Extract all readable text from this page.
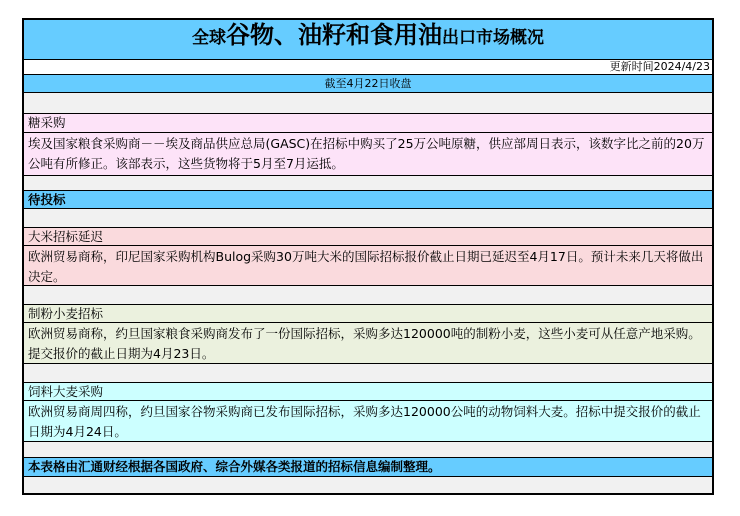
全球谷物、油籽和食用油出口市场概况
更新时间2024/4/23
截至4月22日收盘
糖采购
埃及国家粮食采购商－－埃及商品供应总局(GASC)在招标中购买了25万公吨原糖，供应部周日表示，该数字比之前的20万公吨有所修正。该部表示，这些货物将于5月至7月运抵。
待投标
大米招标延迟
欧洲贸易商称，印尼国家采购机构Bulog采购30万吨大米的国际招标报价截止日期已延迟至4月17日。预计未来几天将做出决定。
制粉小麦招标
欧洲贸易商称，约旦国家粮食采购商发布了一份国际招标，采购多达120000吨的制粉小麦，这些小麦可从任意产地采购。提交报价的截止日期为4月23日。
饲料大麦采购
欧洲贸易商周四称，约旦国家谷物采购商已发布国际招标，采购多达120000公吨的动物饲料大麦。招标中提交报价的截止日期为4月24日。
本表格由汇通财经根据各国政府、综合外媒各类报道的招标信息编制整理。
